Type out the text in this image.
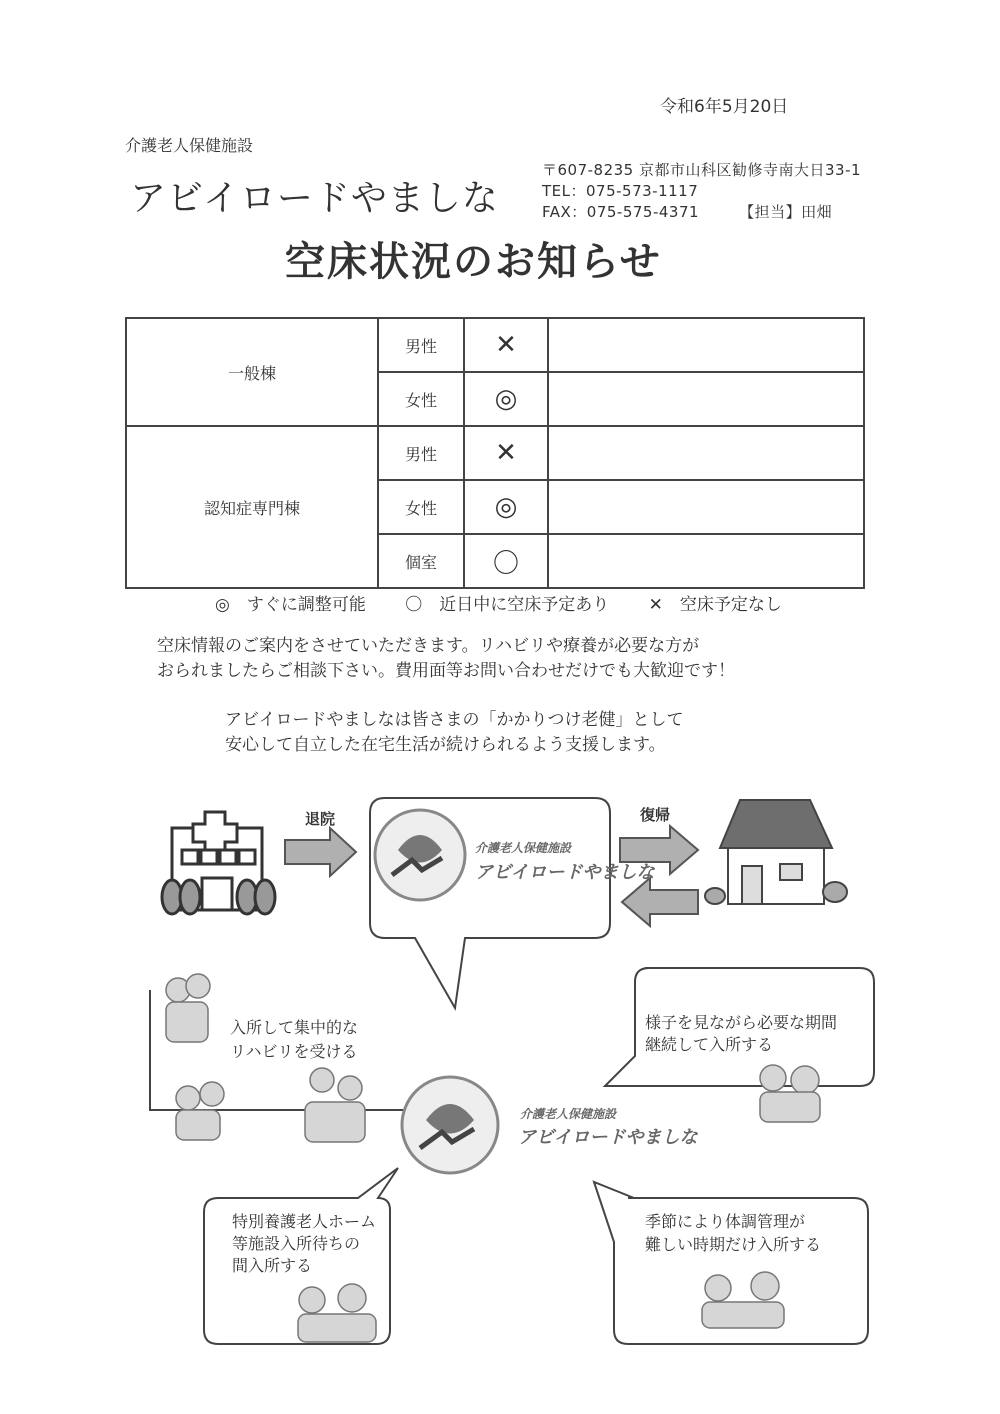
令和6年5月20日
介護老人保健施設
アビイロードやましな
〒607-8235 京都市山科区勧修寺南大日33-1
TEL：075-573-1117
FAX：075-575-4371	【担当】田畑
空床状況のお知らせ
一般棟	男性	✕	
	女性	◎	
認知症専門棟	男性	✕	
	女性	◎	
	個室	〇	
◎　すぐに調整可能 〇　近日中に空床予定あり ✕　空床予定なし
空床情報のご案内をさせていただきます。リハビリや療養が必要な方が
おられましたらご相談下さい。費用面等お問い合わせだけでも大歓迎です！
アビイロードやましなは皆さまの「かかりつけ老健」として
安心して自立した在宅生活が続けられるよう支援します。
退院
介護老人保健施設
アビイロードやましな
復帰
入所して集中的な
リハビリを受ける
介護老人保健施設
アビイロードやましな
様子を見ながら必要な期間
継続して入所する
特別養護老人ホーム
等施設入所待ちの
間入所する
季節により体調管理が
難しい時期だけ入所する
